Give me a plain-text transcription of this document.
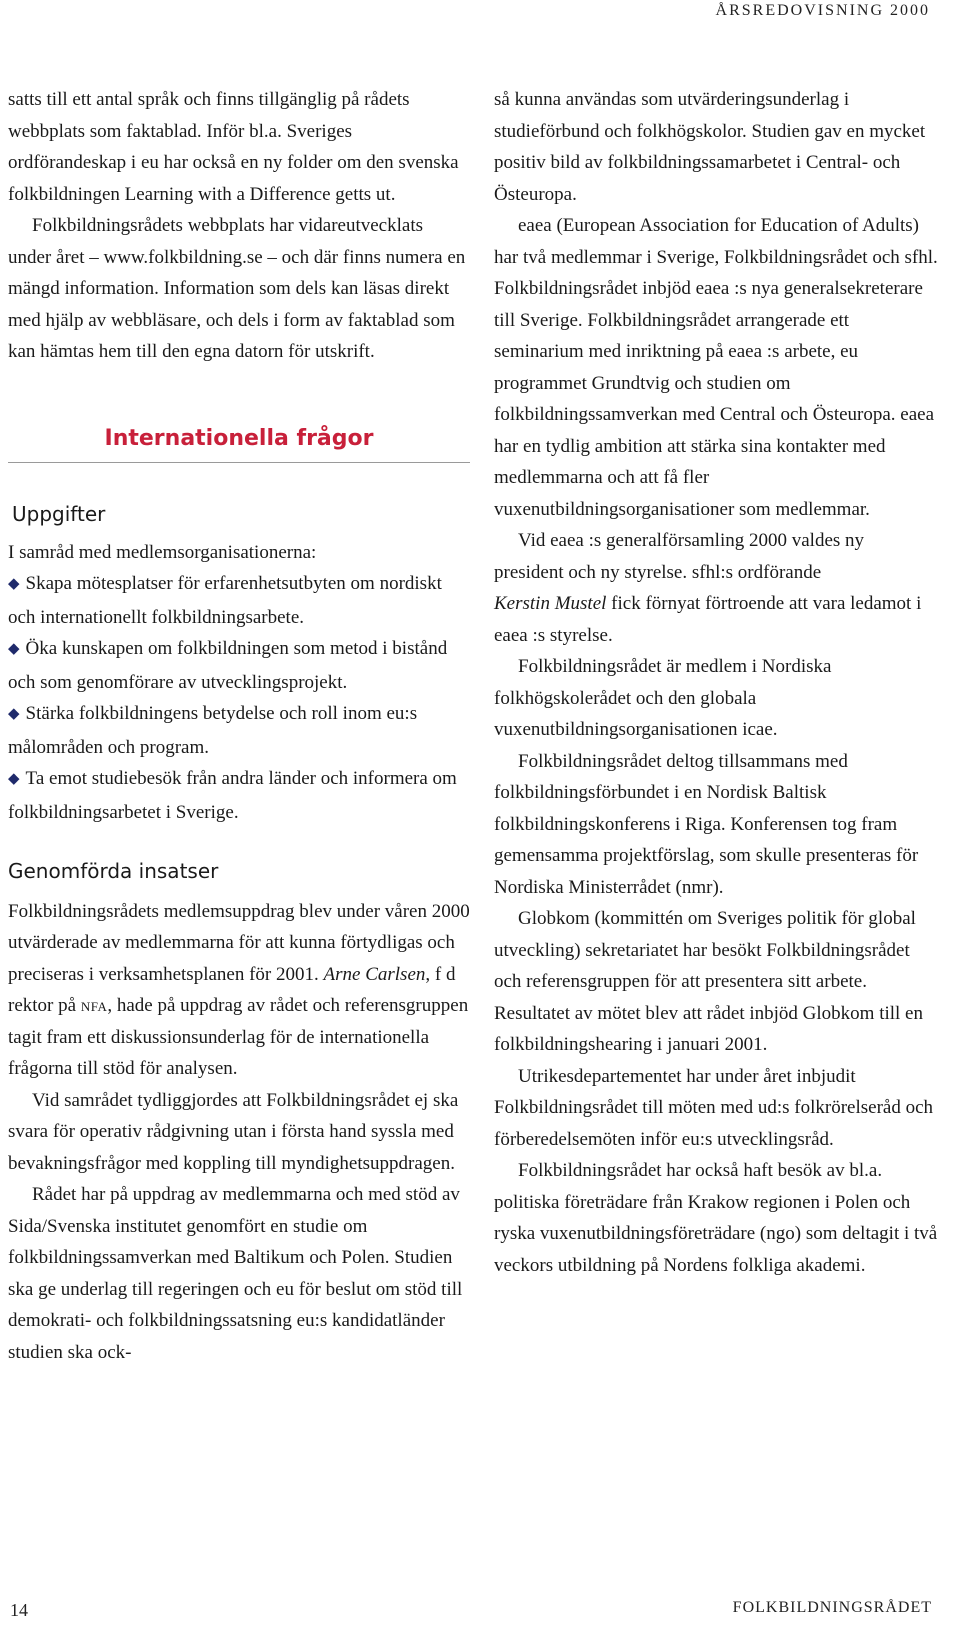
ÅRSREDOVISNING 2000

satts till ett antal språk och finns tillgänglig på rådets webbplats som faktablad. Inför bl.a. Sveriges ordförandeskap i eu har också en ny folder om den svenska folkbildningen Learning with a Difference getts ut.

Folkbildningsrådets webbplats har vidareutvecklats under året – www.folkbildning.se – och där finns numera en mängd information. Information som dels kan läsas direkt med hjälp av webbläsare, och dels i form av faktablad som kan hämtas hem till den egna datorn för utskrift.

Internationella frågor
Uppgifter

I samråd med medlemsorganisationerna:

◆ Skapa mötesplatser för erfarenhetsutbyten om nordiskt och internationellt folkbildningsarbete.

◆ Öka kunskapen om folkbildningen som metod i bistånd och som genomförare av utvecklingsprojekt.

◆ Stärka folkbildningens betydelse och roll inom eu:s målområden och program.

◆ Ta emot studiebesök från andra länder och informera om folkbildningsarbetet i Sverige.

Genomförda insatser

Folkbildningsrådets medlemsuppdrag blev under våren 2000 utvärderade av medlemmarna för att kunna förtydligas och preciseras i verksamhetsplanen för 2001. Arne Carlsen, f d rektor på nfa, hade på uppdrag av rådet och referensgruppen tagit fram ett diskussionsunderlag för de internationella frågorna till stöd för analysen.

Vid samrådet tydliggjordes att Folkbildningsrådet ej ska svara för operativ rådgivning utan i första hand syssla med bevakningsfrågor med koppling till myndighetsuppdragen.

Rådet har på uppdrag av medlemmarna och med stöd av Sida/Svenska institutet genomfört en studie om folkbildningssamverkan med Baltikum och Polen. Studien ska ge underlag till regeringen och eu för beslut om stöd till demokrati- och folkbildningssatsning eu:s kandidatländer studien ska ock-

så kunna användas som utvärderingsunderlag i studieförbund och folkhögskolor. Studien gav en mycket positiv bild av folkbildningssamarbetet i Central- och Östeuropa.

eaea (European Association for Education of Adults) har två medlemmar i Sverige, Folkbildningsrådet och sfhl. Folkbildningsrådet inbjöd eaea :s nya generalsekreterare till Sverige. Folkbildningsrådet arrangerade ett seminarium med inriktning på eaea :s arbete, eu programmet Grundtvig och studien om folkbildningssamverkan med Central och Östeuropa. eaea har en tydlig ambition att stärka sina kontakter med medlemmarna och att få fler vuxenutbildningsorganisationer som medlemmar.

Vid eaea :s generalförsamling 2000 valdes ny president och ny styrelse. sfhl:s ordförande
Kerstin Mustel fick förnyat förtroende att vara ledamot i eaea :s styrelse.

Folkbildningsrådet är medlem i Nordiska folkhögskolerådet och den globala vuxenutbildningsorganisationen icae.

Folkbildningsrådet deltog tillsammans med folkbildningsförbundet i en Nordisk Baltisk folkbildningskonferens i Riga. Konferensen tog fram gemensamma projektförslag, som skulle presenteras för Nordiska Ministerrådet (nmr).

Globkom (kommittén om Sveriges politik för global utveckling) sekretariatet har besökt Folkbildningsrådet och referensgruppen för att presentera sitt arbete. Resultatet av mötet blev att rådet inbjöd Globkom till en folkbildningshearing i januari 2001.

Utrikesdepartementet har under året inbjudit Folkbildningsrådet till möten med ud:s folkrörelseråd och förberedelsemöten inför eu:s utvecklingsråd.

Folkbildningsrådet har också haft besök av bl.a. politiska företrädare från Krakow regionen i Polen och ryska vuxenutbildningsföreträdare (ngo) som deltagit i två veckors utbildning på Nordens folkliga akademi.

14	FOLKBILDNINGSRÅDET
